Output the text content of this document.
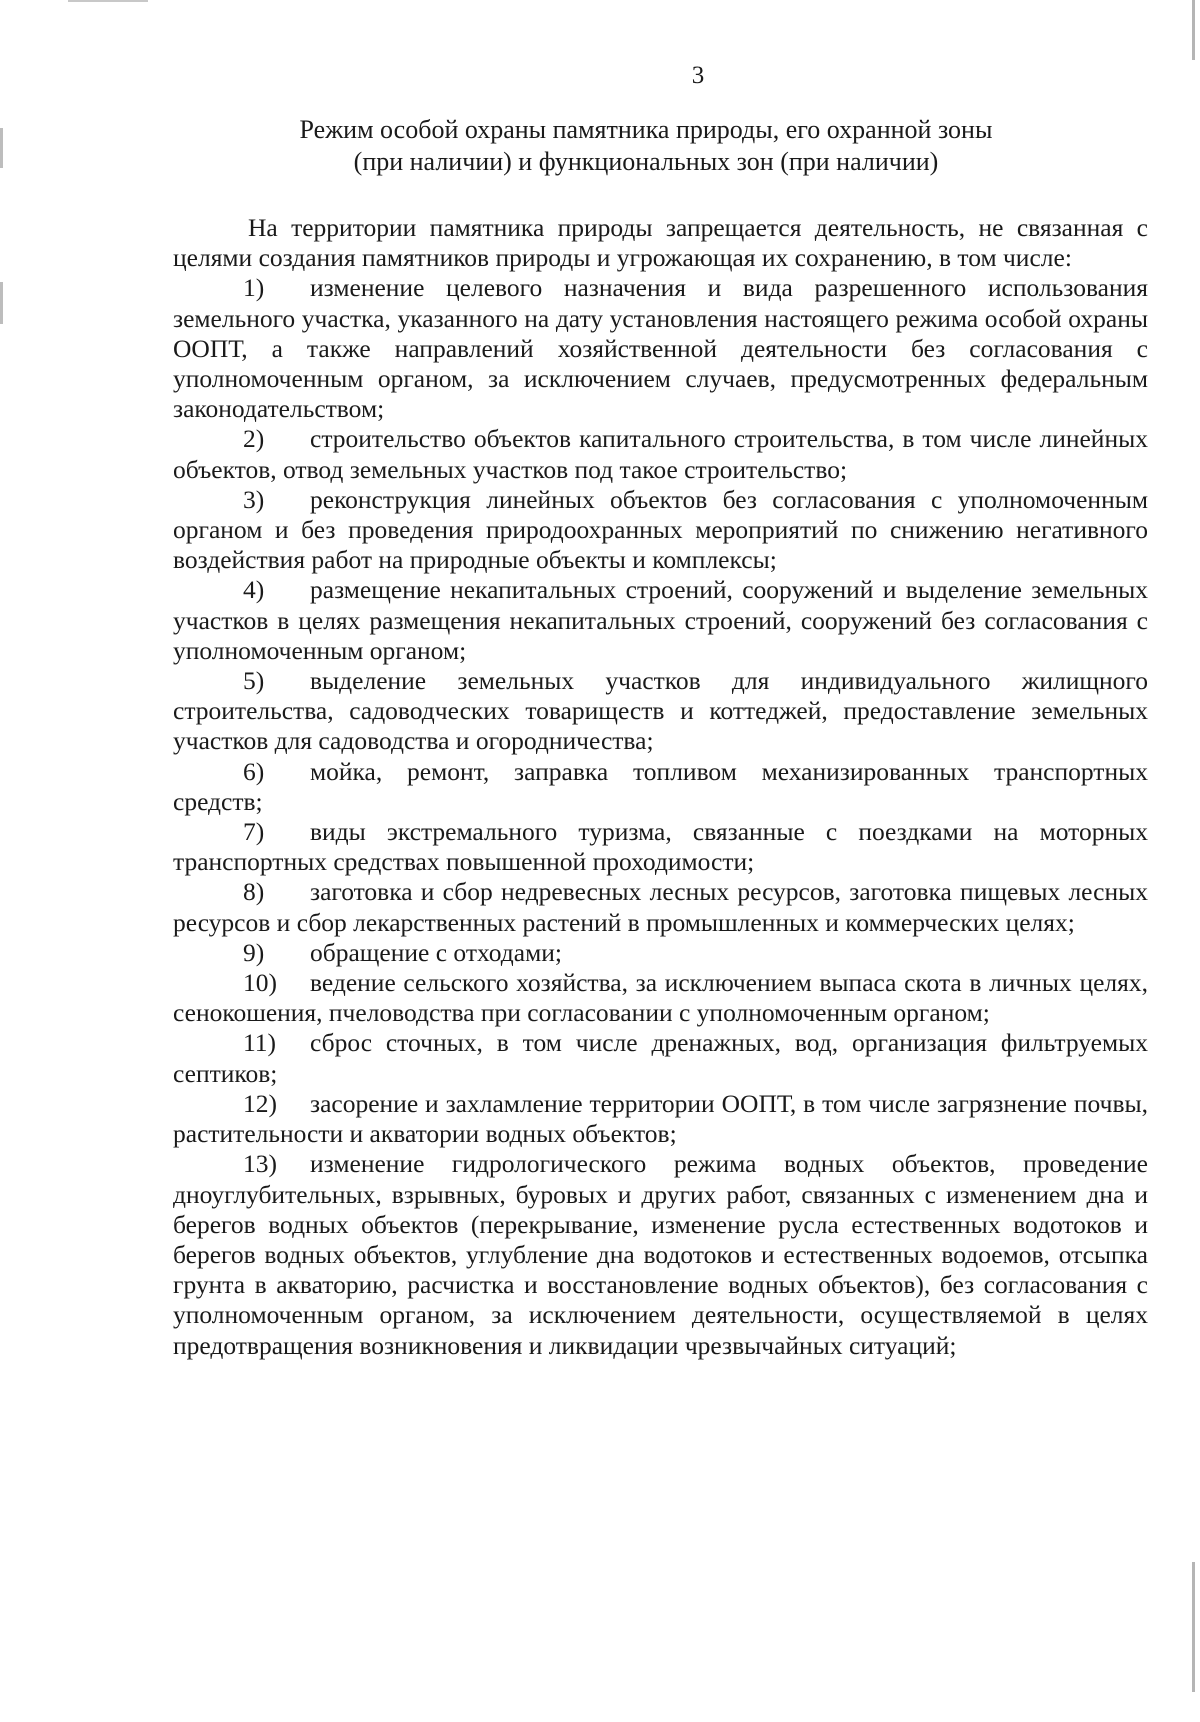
3
Режим особой охраны памятника природы, его охранной зоны
(при наличии) и функциональных зон (при наличии)

На территории памятника природы запрещается деятельность, не связанная с целями создания памятников природы и угрожающая их сохранению, в том числе:

1) изменение целевого назначения и вида разрешенного использования земельного участка, указанного на дату установления настоящего режима особой охраны ООПТ, а также направлений хозяйственной деятельности без согласования с уполномоченным органом, за исключением случаев, предусмотренных федеральным законодательством;

2) строительство объектов капитального строительства, в том числе линейных объектов, отвод земельных участков под такое строительство;

3) реконструкция линейных объектов без согласования с уполномоченным органом и без проведения природоохранных мероприятий по снижению негативного воздействия работ на природные объекты и комплексы;

4) размещение некапитальных строений, сооружений и выделение земельных участков в целях размещения некапитальных строений, сооружений без согласования с уполномоченным органом;

5) выделение земельных участков для индивидуального жилищного строительства, садоводческих товариществ и коттеджей, предоставление земельных участков для садоводства и огородничества;

6) мойка, ремонт, заправка топливом механизированных транспортных средств;

7) виды экстремального туризма, связанные с поездками на моторных транспортных средствах повышенной проходимости;

8) заготовка и сбор недревесных лесных ресурсов, заготовка пищевых лесных ресурсов и сбор лекарственных растений в промышленных и коммерческих целях;

9) обращение с отходами;

10) ведение сельского хозяйства, за исключением выпаса скота в личных целях, сенокошения, пчеловодства при согласовании с уполномоченным органом;

11) сброс сточных, в том числе дренажных, вод, организация фильтруемых септиков;

12) засорение и захламление территории ООПТ, в том числе загрязнение почвы, растительности и акватории водных объектов;

13) изменение гидрологического режима водных объектов, проведение дноуглубительных, взрывных, буровых и других работ, связанных с изменением дна и берегов водных объектов (перекрывание, изменение русла естественных водотоков и берегов водных объектов, углубление дна водотоков и естественных водоемов, отсыпка грунта в акваторию, расчистка и восстановление водных объектов), без согласования с уполномоченным органом, за исключением деятельности, осуществляемой в целях предотвращения возникновения и ликвидации чрезвычайных ситуаций;
